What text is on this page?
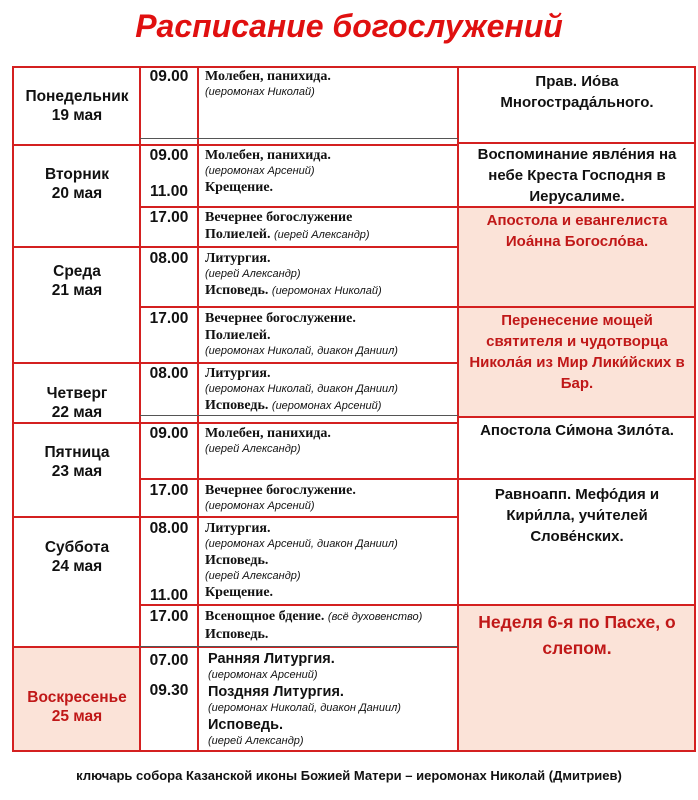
Расписание богослужений
Понедельник
19 мая
Вторник
20 мая
Среда
21 мая
Четверг
22 мая
Пятница
23 мая
Суббота
24 мая
Воскресенье
25 мая
09.00
09.00
11.00
17.00
08.00
17.00
08.00
09.00
17.00
08.00
11.00
17.00
07.00
09.30
Молебен, панихида.
(иеромонах Николай)
Молебен, панихида.
(иеромонах Арсений)
Крещение.
Вечернее богослужение
Полиелей. (иерей Александр)
Литургия.
(иерей Александр)
Исповедь. (иеромонах Николай)
Вечернее богослужение.
Полиелей.
(иеромонах Николай, диакон Даниил)
Литургия.
(иеромонах Николай, диакон Даниил)
Исповедь. (иеромонах Арсений)
Молебен, панихида.
(иерей Александр)
Вечернее богослужение.
(иеромонах Арсений)
Литургия.
(иеромонах Арсений, диакон Даниил)
Исповедь.
(иерей Александр)
Крещение.
Всенощное бдение. (всё духовенство)
Исповедь.
Ранняя Литургия.
(иеромонах Арсений)
Поздняя Литургия.
(иеромонах Николай, диакон Даниил)
Исповедь.
(иерей Александр)
Прав. Ио́ва Многострада́льного.
Воспоминание явле́ния на небе Креста Господня в Иерусалиме.
Апостола и евангелиста Иоа́нна Богосло́ва.
Перенесение мощей святителя и чудотворца Никола́я из Мир Лики́йских в Бар.
Апостола Си́мона Зило́та.
Равноапп. Мефо́дия и Кири́лла, учи́телей Слове́нских.
Неделя 6-я по Пасхе, о слепом.
ключарь собора Казанской иконы Божией Матери – иеромонах Николай (Дмитриев)
